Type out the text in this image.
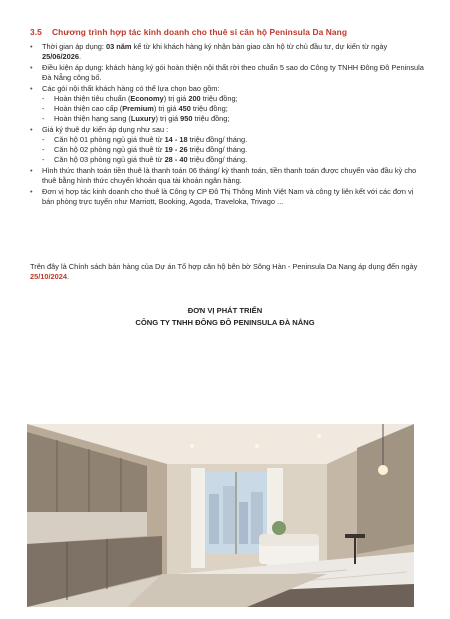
3.5 Chương trình hợp tác kinh doanh cho thuê sỉ căn hộ Peninsula Da Nang
• Thời gian áp dụng: 03 năm kể từ khi khách hàng ký nhận bàn giao căn hộ từ chủ đầu tư, dự kiến từ ngày 25/06/2026.
• Điều kiện áp dụng: khách hàng ký gói hoàn thiện nội thất rời theo chuẩn 5 sao do Công ty TNHH Đông Đô Peninsula Đà Nẵng công bố.
• Các gói nội thất khách hàng có thể lựa chọn bao gồm:
- Hoàn thiện tiêu chuẩn (Economy) trị giá 200 triệu đồng;
- Hoàn thiện cao cấp (Premium) trị giá 450 triệu đồng;
- Hoàn thiện hạng sang (Luxury) trị giá 950 triệu đồng;
• Giá ký thuê dự kiến áp dụng như sau :
- Căn hộ 01 phòng ngủ giá thuê từ 14 - 18 triệu đồng/ tháng.
- Căn hộ 02 phòng ngủ giá thuê từ 19 - 26 triệu đồng/ tháng.
- Căn hộ 03 phòng ngủ giá thuê từ 28 - 40 triệu đồng/ tháng.
• Hình thức thanh toán tiền thuê là thanh toán 06 tháng/ kỳ thanh toán, tiền thanh toán được chuyển vào đầu kỳ cho thuê bằng hình thức chuyển khoản qua tài khoản ngân hàng.
• Đơn vị hợp tác kinh doanh cho thuê là Công ty CP Đô Thị Thông Minh Việt Nam và công ty liên kết với các đơn vị bán phòng trực tuyến như Marriott, Booking, Agoda, Traveloka, Trivago ...
Trên đây là Chính sách bán hàng của Dự án Tổ hợp căn hộ bên bờ Sông Hàn - Peninsula Da Nang áp dụng đến ngày 25/10/2024.
ĐƠN VỊ PHÁT TRIỂN
CÔNG TY TNHH ĐÔNG ĐÔ PENINSULA ĐÀ NẴNG
